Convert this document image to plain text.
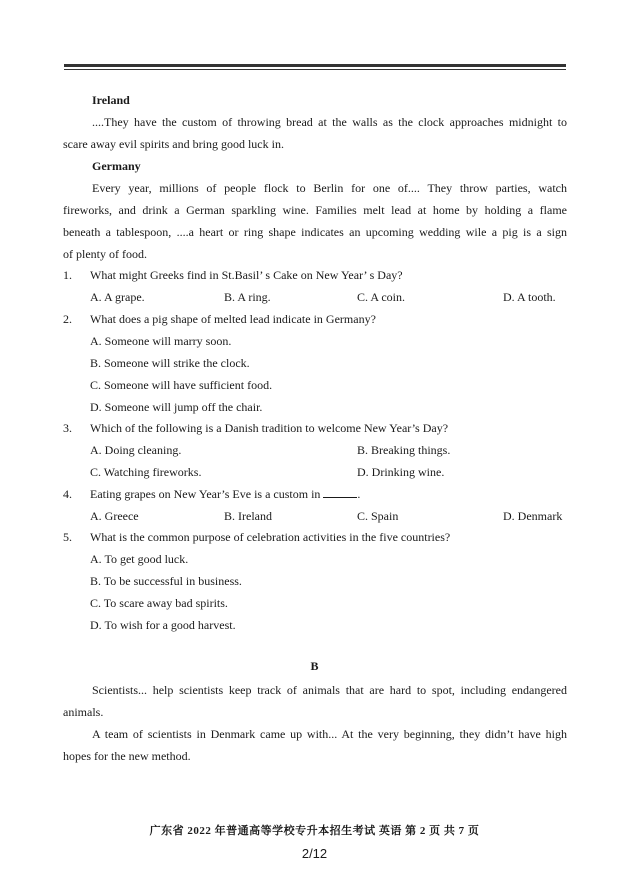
Ireland
....They have the custom of throwing bread at the walls as the clock approaches midnight to
scare away evil spirits and bring good luck in.
Germany
Every year, millions of people flock to Berlin for one of.... They throw parties, watch
fireworks, and drink a German sparkling wine. Families melt lead at home by holding a flame
beneath a tablespoon, ....a heart or ring shape indicates an upcoming wedding wile a pig is a sign
of plenty of food.
1. What might Greeks find in St.Basil’ s Cake on New Year’ s Day?
A. A grape.	B. A ring.	C. A coin.	D. A tooth.
2. What does a pig shape of melted lead indicate in Germany?
A. Someone will marry soon.
B. Someone will strike the clock.
C. Someone will have sufficient food.
D. Someone will jump off the chair.
3. Which of the following is a Danish tradition to welcome New Year’s Day?
A. Doing cleaning.	B. Breaking things.
C. Watching fireworks.	D. Drinking wine.
4. Eating grapes on New Year’s Eve is a custom in	.
A. Greece	B. Ireland	C. Spain	D. Denmark
5. What is the common purpose of celebration activities in the five countries?
A. To get good luck.
B. To be successful in business.
C. To scare away bad spirits.
D. To wish for a good harvest.
B
Scientists... help scientists keep track of animals that are hard to spot, including endangered
animals.
A team of scientists in Denmark came up with... At the very beginning, they didn’t have high
hopes for the new method.
广东省 2022 年普通高等学校专升本招生考试 英语 第 2 页 共 7 页
2/12
